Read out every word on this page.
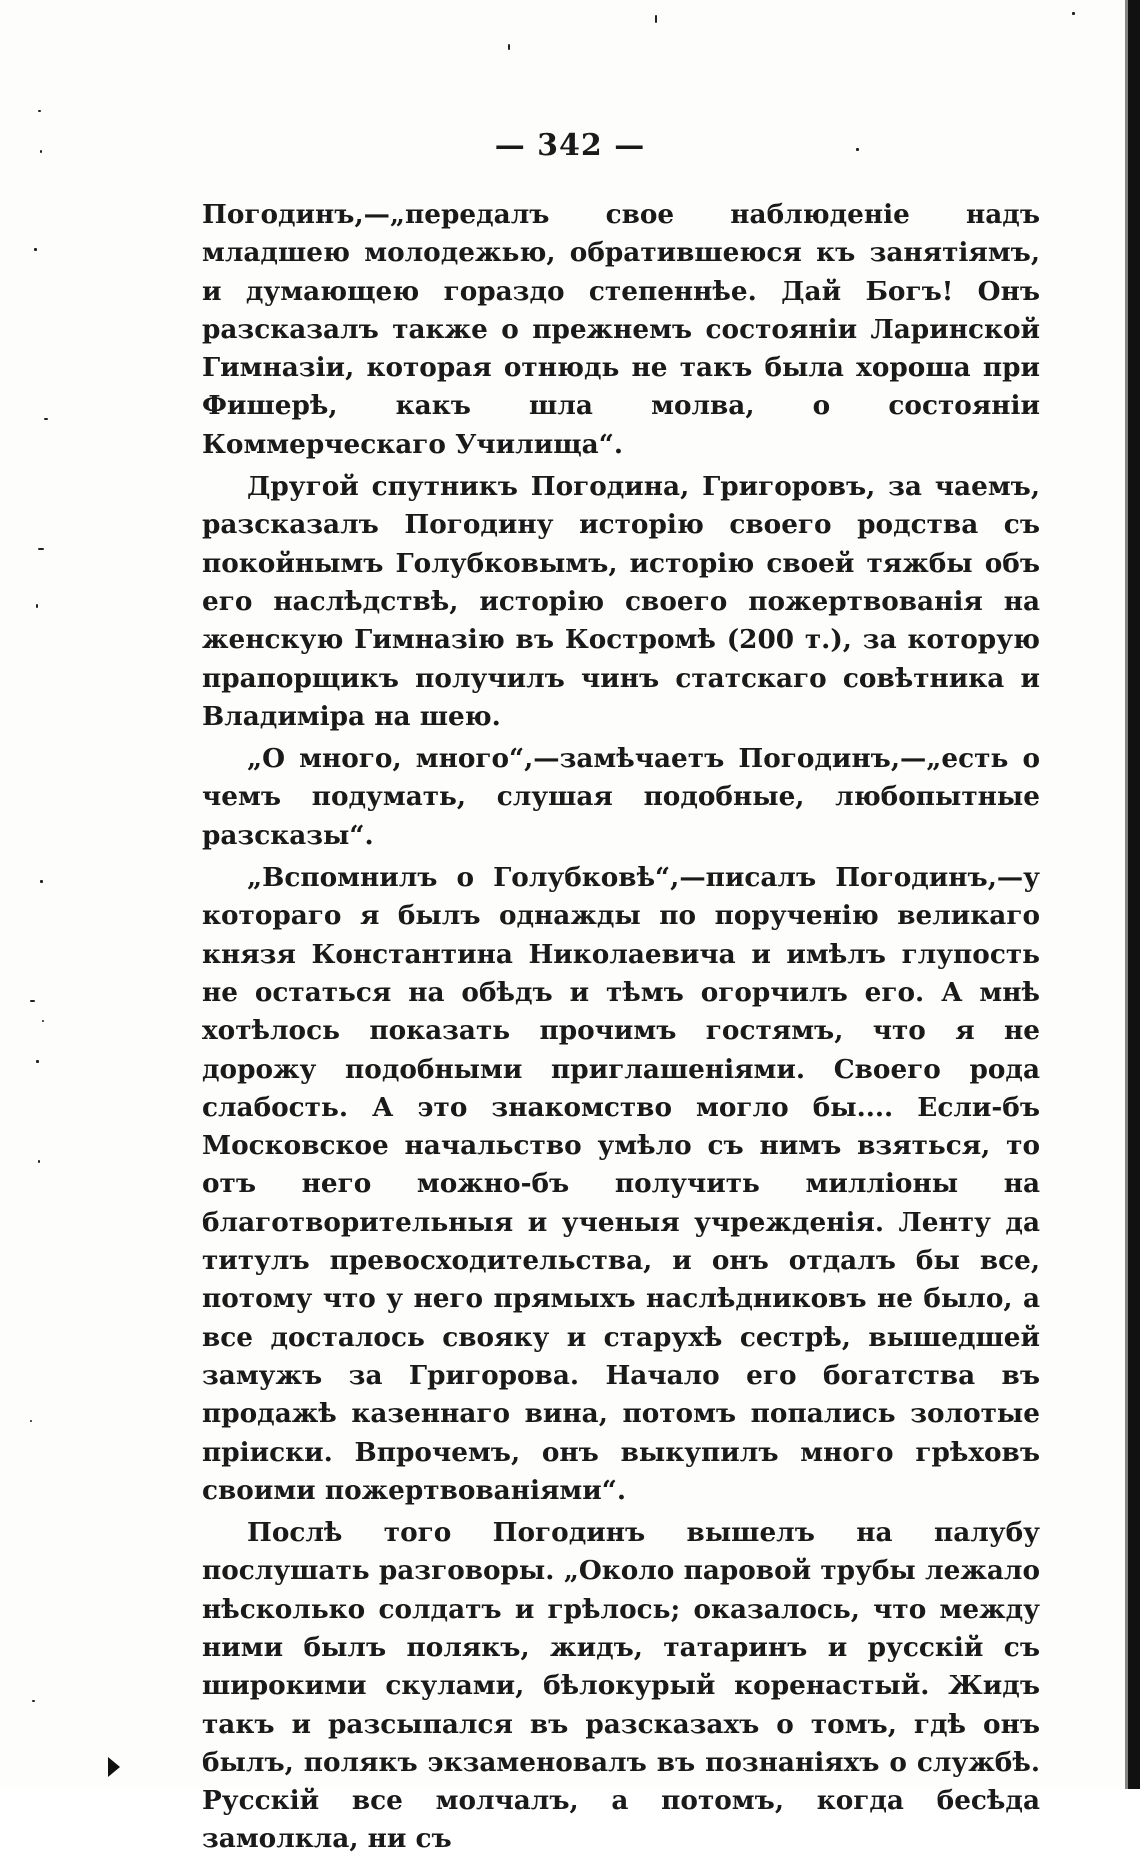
— 342 —

Погодинъ,—„передалъ свое наблюденіе надъ младшею молодежью, обратившеюся къ занятіямъ, и думающею гораздо степеннѣе. Дай Богъ! Онъ разсказалъ также о прежнемъ состояніи Ларинской Гимназіи, которая отнюдь не такъ была хороша при Фишерѣ, какъ шла молва, о состояніи Коммерческаго Училища“.

Другой спутникъ Погодина, Григоровъ, за чаемъ, разсказалъ Погодину исторію своего родства съ покойнымъ Голубковымъ, исторію своей тяжбы объ его наслѣдствѣ, исторію своего пожертвованія на женскую Гимназію въ Костромѣ (200 т.), за которую прапорщикъ получилъ чинъ статскаго совѣтника и Владиміра на шею.

„О много, много“,—замѣчаетъ Погодинъ,—„есть о чемъ подумать, слушая подобные, любопытные разсказы“.

„Вспомнилъ о Голубковѣ“,—писалъ Погодинъ,—у котораго я былъ однажды по порученію великаго князя Константина Николаевича и имѣлъ глупость не остаться на обѣдъ и тѣмъ огорчилъ его. А мнѣ хотѣлось показать прочимъ гостямъ, что я не дорожу подобными приглашеніями. Своего рода слабость. А это знакомство могло бы.... Если-бъ Московское начальство умѣло съ нимъ взяться, то отъ него можно-бъ получить милліоны на благотворительныя и ученыя учрежденія. Ленту да титулъ превосходительства, и онъ отдалъ бы все, потому что у него прямыхъ наслѣдниковъ не было, а все досталось свояку и старухѣ сестрѣ, вышедшей замужъ за Григорова. Начало его богатства въ продажѣ казеннаго вина, потомъ попались золотые пріиски. Впрочемъ, онъ выкупилъ много грѣховъ своими пожертвованіями“.

Послѣ того Погодинъ вышелъ на палубу послушать разговоры. „Около паровой трубы лежало нѣсколько солдатъ и грѣлось; оказалось, что между ними былъ полякъ, жидъ, татаринъ и русскій съ широкими скулами, бѣлокурый коренастый. Жидъ такъ и разсыпался въ разсказахъ о томъ, гдѣ онъ былъ, полякъ экзаменовалъ въ познаніяхъ о службѣ. Русскій все молчалъ, а потомъ, когда бесѣда замолкла, ни съ
